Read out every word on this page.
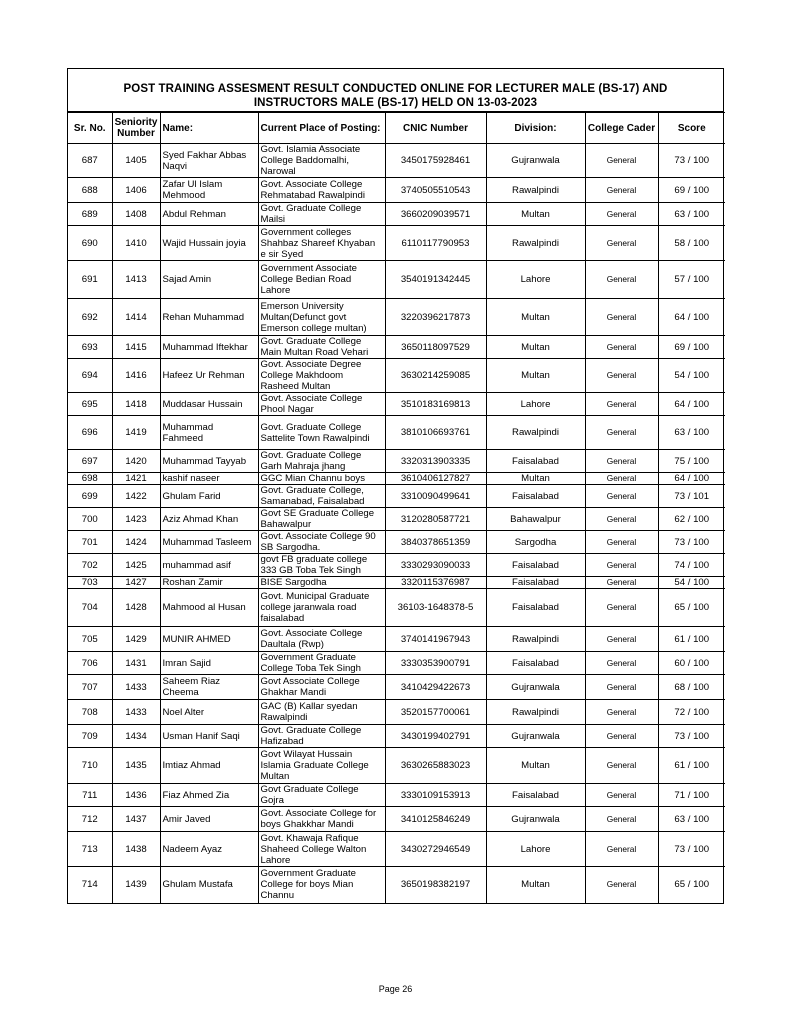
POST TRAINING ASSESMENT RESULT CONDUCTED ONLINE FOR LECTURER MALE (BS-17) AND
INSTRUCTORS MALE (BS-17) HELD ON 13-03-2023
Sr. No.	Seniority Number	Name:	Current Place of Posting:	CNIC Number	Division:	College Cader	Score
687	1405	Syed Fakhar Abbas Naqvi	Govt. Islamia Associate College Baddomalhi, Narowal	3450175928461	Gujranwala	General	73 / 100
688	1406	Zafar Ul Islam Mehmood	Govt. Associate College Rehmatabad Rawalpindi	3740505510543	Rawalpindi	General	69 / 100
689	1408	Abdul Rehman	Govt. Graduate College Mailsi	3660209039571	Multan	General	63 / 100
690	1410	Wajid Hussain joyia	Government colleges Shahbaz Shareef Khyaban e sir Syed	6110117790953	Rawalpindi	General	58 / 100
691	1413	Sajad Amin	Government Associate College Bedian Road Lahore	3540191342445	Lahore	General	57 / 100
692	1414	Rehan Muhammad	Emerson University Multan(Defunct govt Emerson college multan)	3220396217873	Multan	General	64 / 100
693	1415	Muhammad Iftekhar	Govt. Graduate College Main Multan Road Vehari	3650118097529	Multan	General	69 / 100
694	1416	Hafeez Ur Rehman	Govt. Associate Degree College Makhdoom Rasheed Multan	3630214259085	Multan	General	54 / 100
695	1418	Muddasar Hussain	Govt. Associate College Phool Nagar	3510183169813	Lahore	General	64 / 100
696	1419	Muhammad Fahmeed	Govt. Graduate College Sattelite Town Rawalpindi	3810106693761	Rawalpindi	General	63 / 100
697	1420	Muhammad Tayyab	Govt. Graduate College Garh Mahraja jhang	3320313903335	Faisalabad	General	75 / 100
698	1421	kashif naseer	GGC Mian Channu boys	3610406127827	Multan	General	64 / 100
699	1422	Ghulam Farid	Govt. Graduate College, Samanabad, Faisalabad	3310090499641	Faisalabad	General	73 / 101
700	1423	Aziz Ahmad Khan	Govt SE Graduate College Bahawalpur	3120280587721	Bahawalpur	General	62 / 100
701	1424	Muhammad Tasleem	Govt. Associate College 90 SB Sargodha.	3840378651359	Sargodha	General	73 / 100
702	1425	muhammad asif	govt FB graduate college 333 GB Toba Tek Singh	3330293090033	Faisalabad	General	74 / 100
703	1427	Roshan Zamir	BISE Sargodha	3320115376987	Faisalabad	General	54 / 100
704	1428	Mahmood al Husan	Govt. Municipal Graduate college jaranwala road faisalabad	36103-1648378-5	Faisalabad	General	65 / 100
705	1429	MUNIR AHMED	Govt. Associate College Daultala (Rwp)	3740141967943	Rawalpindi	General	61 / 100
706	1431	Imran Sajid	Government Graduate College Toba Tek Singh	3330353900791	Faisalabad	General	60 / 100
707	1433	Saheem Riaz Cheema	Govt Associate College Ghakhar Mandi	3410429422673	Gujranwala	General	68 / 100
708	1433	Noel Alter	GAC (B) Kallar syedan Rawalpindi	3520157700061	Rawalpindi	General	72 / 100
709	1434	Usman Hanif Saqi	Govt. Graduate College Hafizabad	3430199402791	Gujranwala	General	73 / 100
710	1435	Imtiaz Ahmad	Govt Wilayat Hussain Islamia Graduate College Multan	3630265883023	Multan	General	61 / 100
711	1436	Fiaz Ahmed Zia	Govt Graduate College Gojra	3330109153913	Faisalabad	General	71 / 100
712	1437	Amir Javed	Govt. Associate College for boys Ghakkhar Mandi	3410125846249	Gujranwala	General	63 / 100
713	1438	Nadeem Ayaz	Govt. Khawaja Rafique Shaheed College Walton Lahore	3430272946549	Lahore	General	73 / 100
714	1439	Ghulam Mustafa	Government Graduate College for boys Mian Channu	3650198382197	Multan	General	65 / 100
Page 26
